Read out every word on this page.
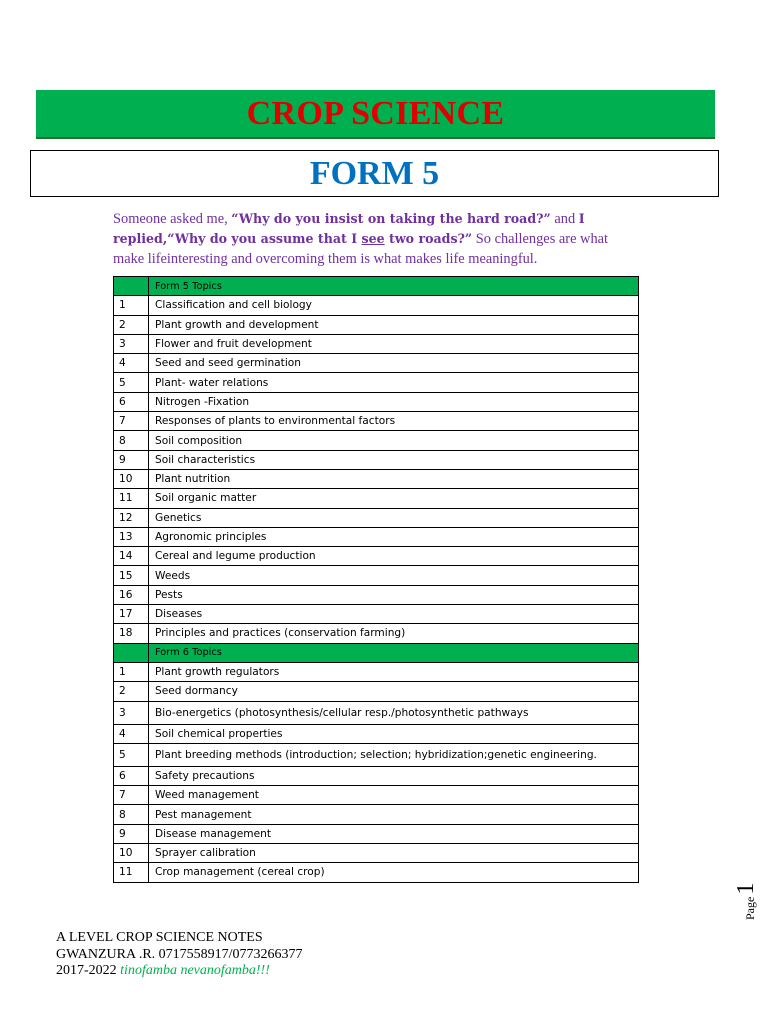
CROP SCIENCE
FORM 5
Someone asked me, “Why do you insist on taking the hard road?” and I replied,“Why do you assume that I see two roads?” So challenges are what make lifeinteresting and overcoming them is what makes life meaningful.
	Form 5 Topics
1	Classification and cell biology
2	Plant growth and development
3	Flower and fruit development
4	Seed and seed germination
5	Plant- water relations
6	Nitrogen -Fixation
7	Responses of plants to environmental factors
8	Soil composition
9	Soil characteristics
10	Plant nutrition
11	Soil organic matter
12	Genetics
13	Agronomic principles
14	Cereal and legume production
15	Weeds
16	Pests
17	Diseases
18	Principles and practices (conservation farming)
	Form 6 Topics
1	Plant growth regulators
2	Seed dormancy
3	Bio-energetics (photosynthesis/cellular resp./photosynthetic pathways
4	Soil chemical properties
5	Plant breeding methods (introduction; selection; hybridization;genetic engineering.
6	Safety precautions
7	Weed management
8	Pest management
9	Disease management
10	Sprayer calibration
11	Crop management (cereal crop)
A LEVEL CROP SCIENCE NOTES
GWANZURA .R. 0717558917/0773266377
2017-2022 tinofamba nevanofamba!!!
Page
1
